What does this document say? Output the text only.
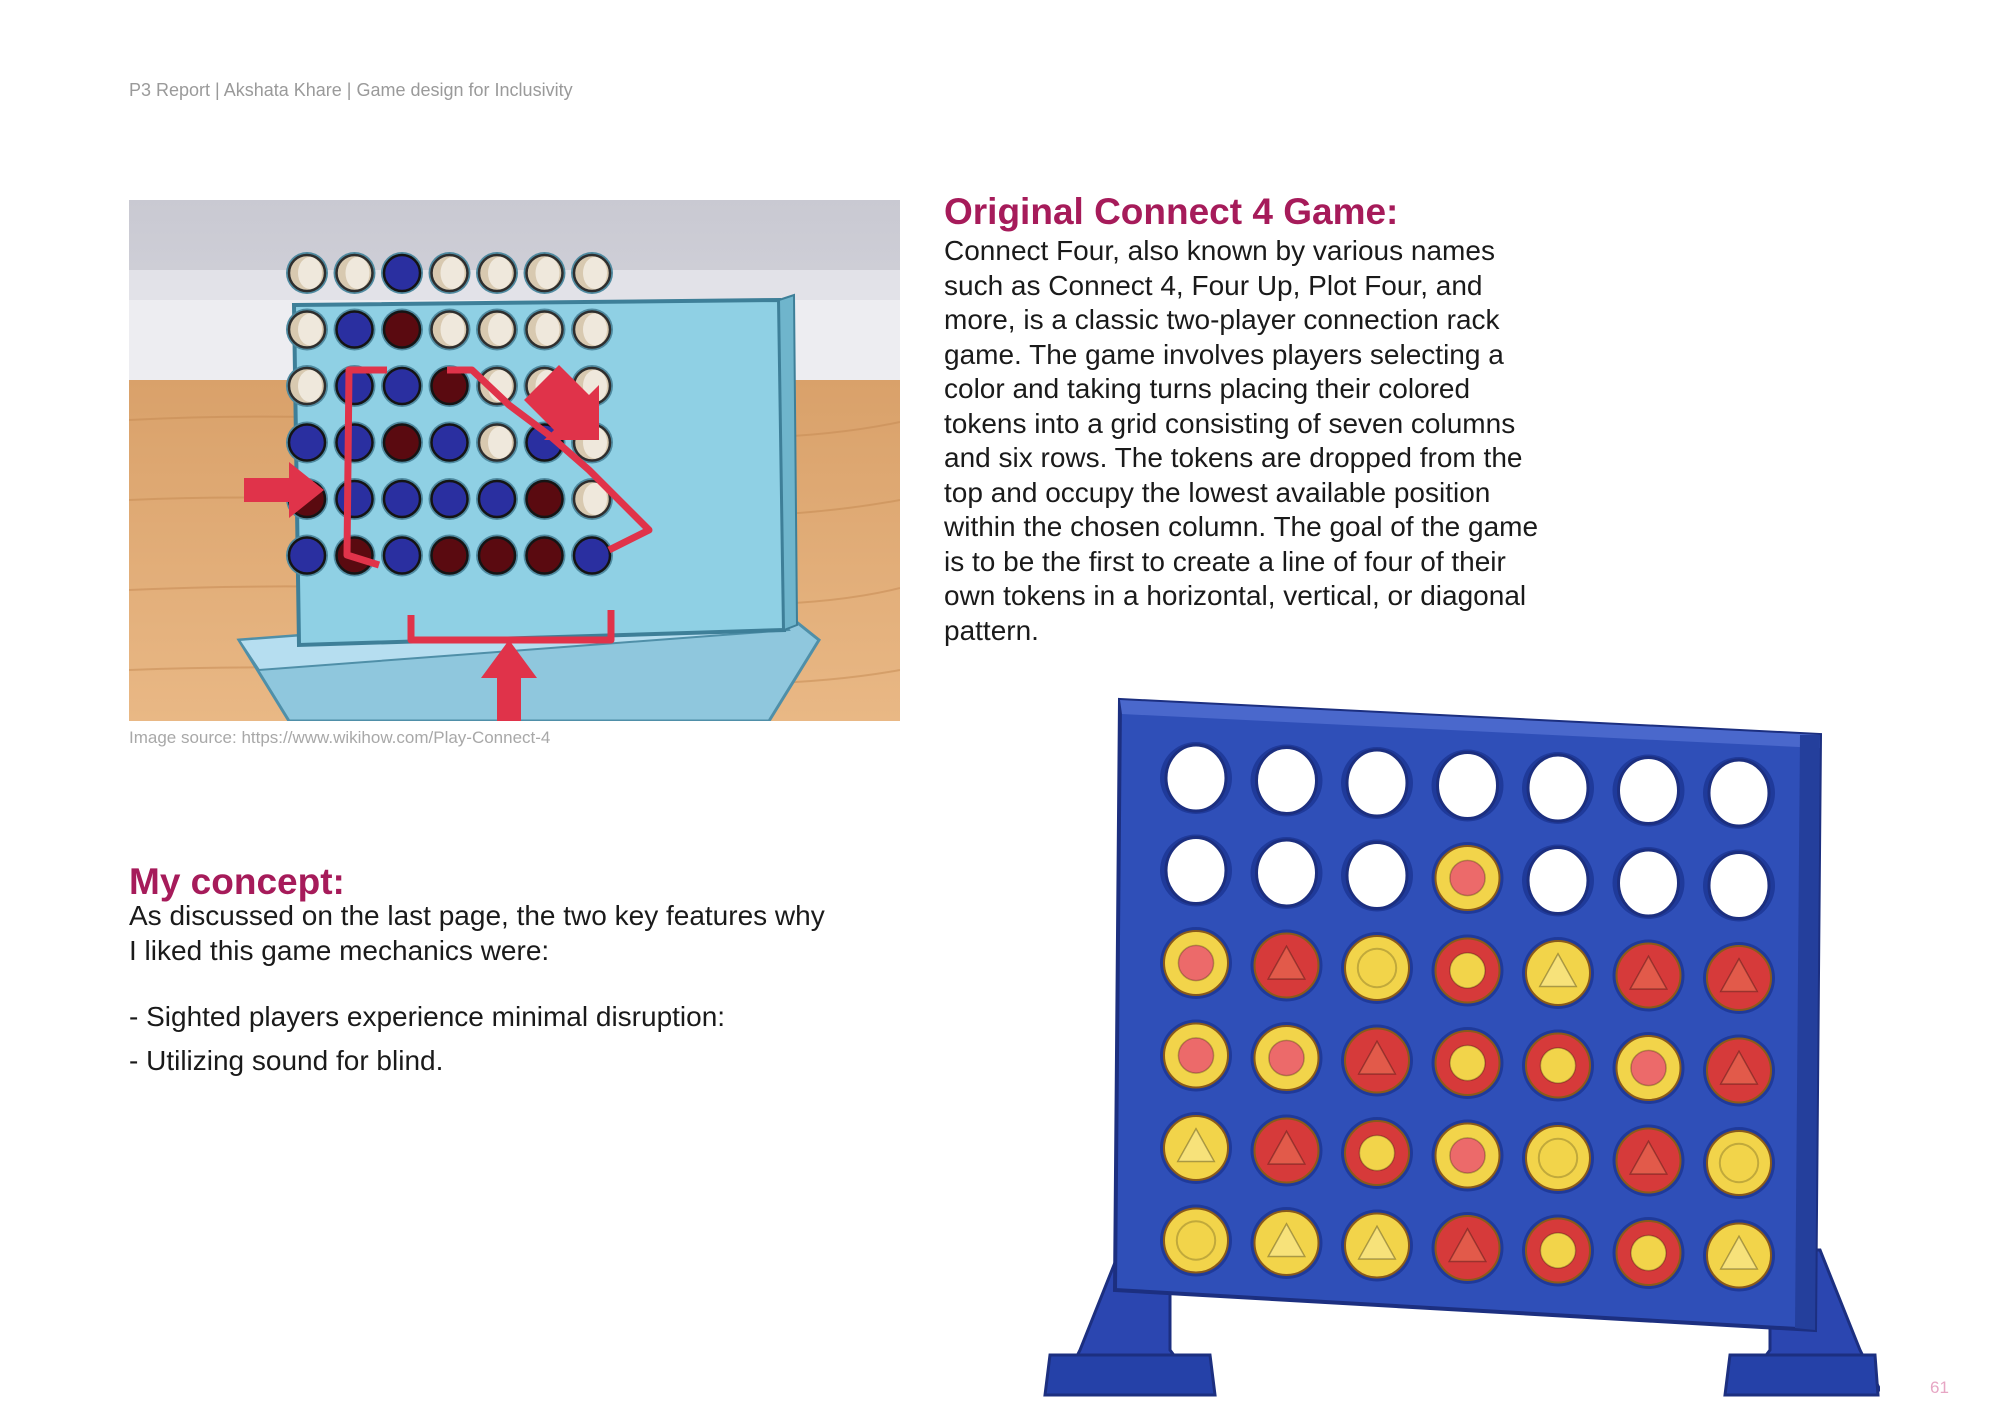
P3 Report | Akshata Khare | Game design for Inclusivity
Image source: https://www.wikihow.com/Play-Connect-4
Original Connect 4 Game:

Connect Four, also known by various names such as Connect 4, Four Up, Plot Four, and more, is a classic two-player connection rack game. The game involves players selecting a color and taking turns placing their colored tokens into a grid consisting of seven columns and six rows. The tokens are dropped from the top and occupy the lowest available position within the chosen column. The goal of the game is to be the first to create a line of four of their own tokens in a horizontal, vertical, or diagonal pattern.

My concept:

As discussed on the last page, the two key features why I liked this game mechanics were:

- Sighted players experience minimal disruption:
- Utilizing sound for blind.
61
